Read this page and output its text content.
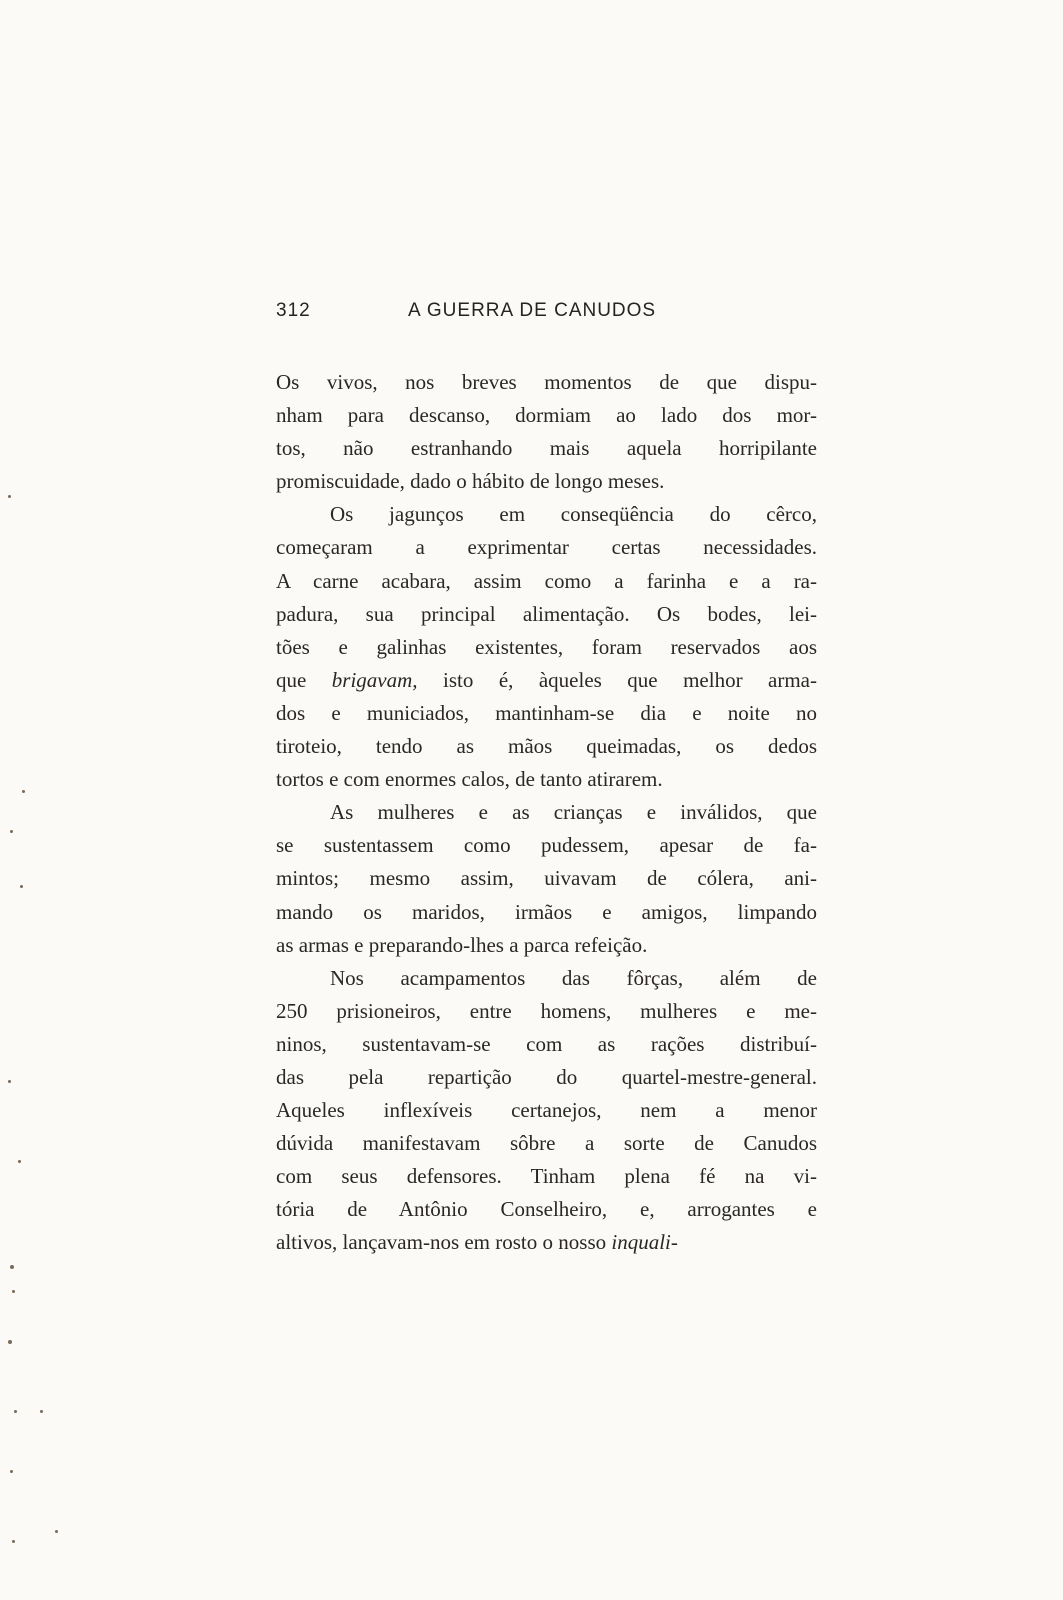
312	A GUERRA DE CANUDOS
Os vivos, nos breves momentos de que dispu-
nham para descanso, dormiam ao lado dos mor-
tos, não estranhando mais aquela horripilante
promiscuidade, dado o hábito de longo meses.
Os jagunços em conseqüência do cêrco,
começaram a exprimentar certas necessidades.
A carne acabara, assim como a farinha e a ra-
padura, sua principal alimentação. Os bodes, lei-
tões e galinhas existentes, foram reservados aos
que brigavam, isto é, àqueles que melhor arma-
dos e municiados, mantinham-se dia e noite no
tiroteio, tendo as mãos queimadas, os dedos
tortos e com enormes calos, de tanto atirarem.
As mulheres e as crianças e inválidos, que
se sustentassem como pudessem, apesar de fa-
mintos; mesmo assim, uivavam de cólera, ani-
mando os maridos, irmãos e amigos, limpando
as armas e preparando-lhes a parca refeição.
Nos acampamentos das fôrças, além de
250 prisioneiros, entre homens, mulheres e me-
ninos, sustentavam-se com as rações distribuí-
das pela repartição do quartel-mestre-general.
Aqueles inflexíveis certanejos, nem a menor
dúvida manifestavam sôbre a sorte de Canudos
com seus defensores. Tinham plena fé na vi-
tória de Antônio Conselheiro, e, arrogantes e
altivos, lançavam-nos em rosto o nosso inquali-
